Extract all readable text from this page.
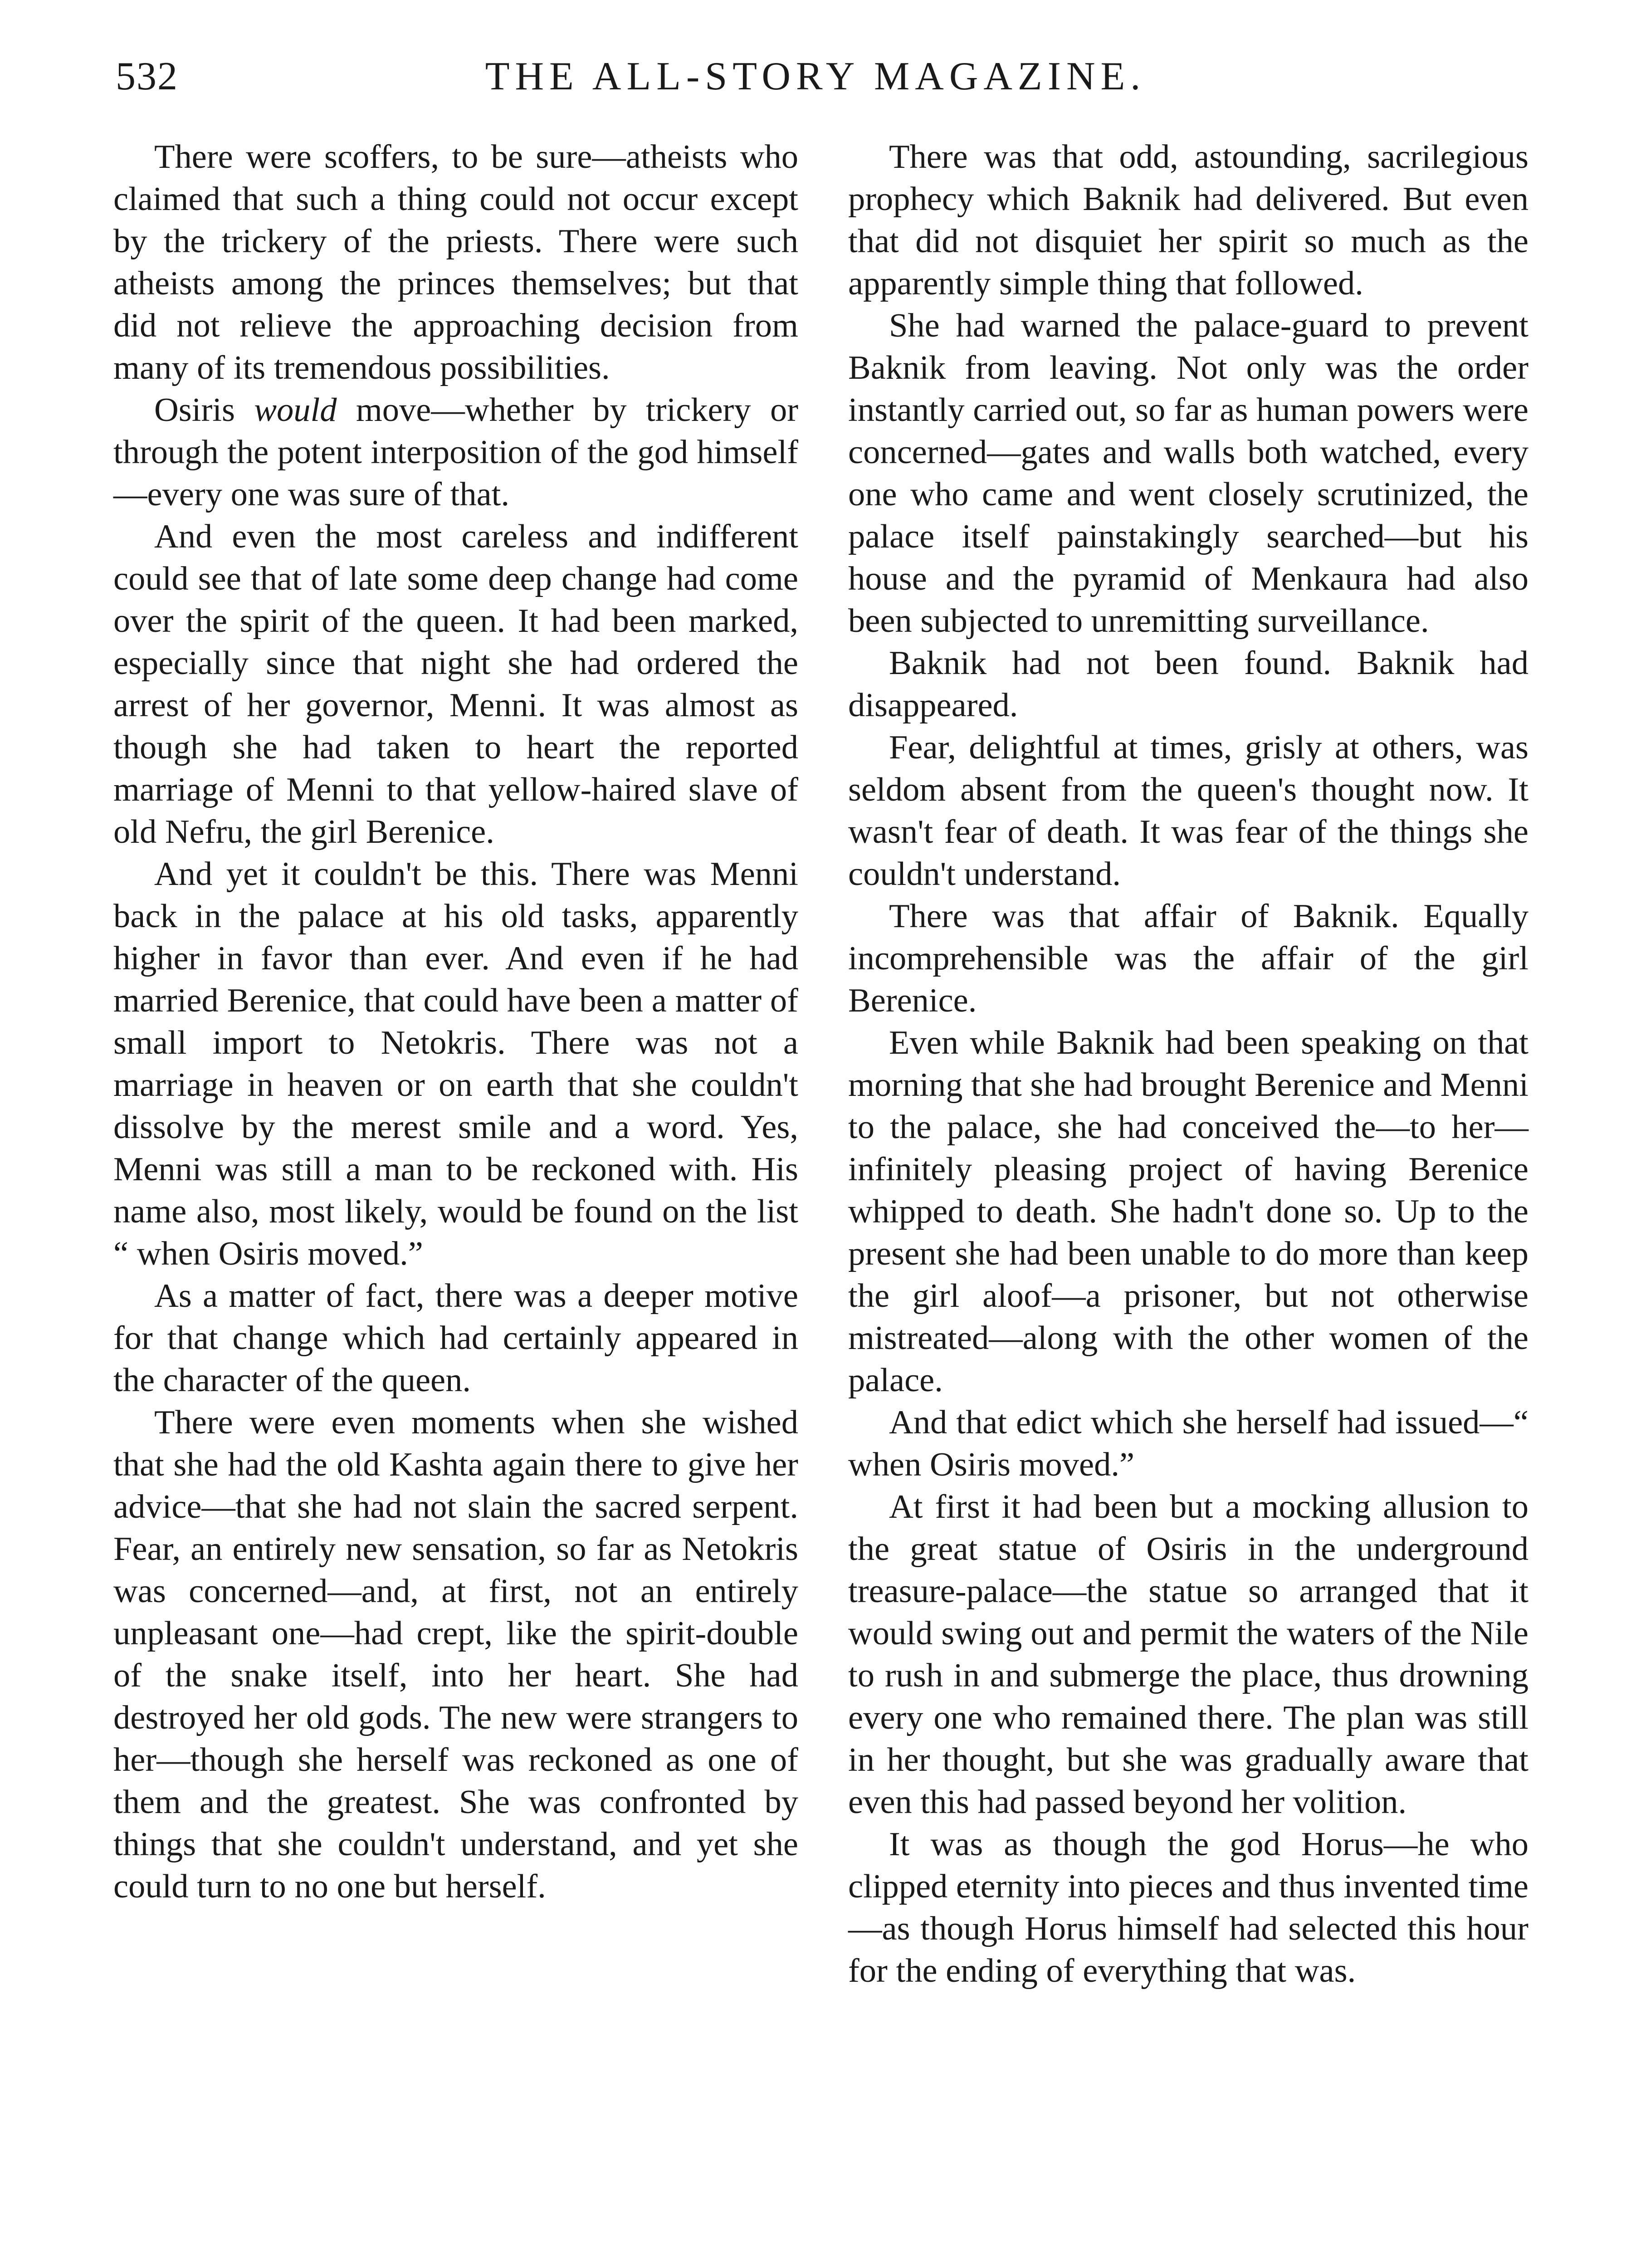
532	THE ALL-STORY MAGAZINE.

There were scoffers, to be sure—atheists who claimed that such a thing could not occur except by the trickery of the priests. There were such atheists among the princes themselves; but that did not relieve the approaching decision from many of its tremendous possibilities.

Osiris would move—whether by trickery or through the potent interposition of the god himself—every one was sure of that.

And even the most careless and indifferent could see that of late some deep change had come over the spirit of the queen. It had been marked, especially since that night she had ordered the arrest of her governor, Menni. It was almost as though she had taken to heart the reported marriage of Menni to that yellow-haired slave of old Nefru, the girl Berenice.

And yet it couldn't be this. There was Menni back in the palace at his old tasks, apparently higher in favor than ever. And even if he had married Berenice, that could have been a matter of small import to Netokris. There was not a marriage in heaven or on earth that she couldn't dissolve by the merest smile and a word. Yes, Menni was still a man to be reckoned with. His name also, most likely, would be found on the list “ when Osiris moved.”

As a matter of fact, there was a deeper motive for that change which had certainly appeared in the character of the queen.

There were even moments when she wished that she had the old Kashta again there to give her advice—that she had not slain the sacred serpent. Fear, an entirely new sensation, so far as Netokris was concerned—and, at first, not an entirely unpleasant one—had crept, like the spirit-double of the snake itself, into her heart. She had destroyed her old gods. The new were strangers to her—though she herself was reckoned as one of them and the greatest. She was confronted by things that she couldn't understand, and yet she could turn to no one but herself.

There was that odd, astounding, sacrilegious prophecy which Baknik had delivered. But even that did not disquiet her spirit so much as the apparently simple thing that followed.

She had warned the palace-guard to prevent Baknik from leaving. Not only was the order instantly carried out, so far as human powers were concerned—gates and walls both watched, every one who came and went closely scrutinized, the palace itself painstakingly searched—but his house and the pyramid of Menkaura had also been subjected to unremitting surveillance.

Baknik had not been found. Baknik had disappeared.

Fear, delightful at times, grisly at others, was seldom absent from the queen's thought now. It wasn't fear of death. It was fear of the things she couldn't understand.

There was that affair of Baknik. Equally incomprehensible was the affair of the girl Berenice.

Even while Baknik had been speaking on that morning that she had brought Berenice and Menni to the palace, she had conceived the—to her—infinitely pleasing project of having Berenice whipped to death. She hadn't done so. Up to the present she had been unable to do more than keep the girl aloof—a prisoner, but not otherwise mistreated—along with the other women of the palace.

And that edict which she herself had issued—“ when Osiris moved.”

At first it had been but a mocking allusion to the great statue of Osiris in the underground treasure-palace—the statue so arranged that it would swing out and permit the waters of the Nile to rush in and submerge the place, thus drowning every one who remained there. The plan was still in her thought, but she was gradually aware that even this had passed beyond her volition.

It was as though the god Horus—he who clipped eternity into pieces and thus invented time—as though Horus himself had selected this hour for the ending of everything that was.
